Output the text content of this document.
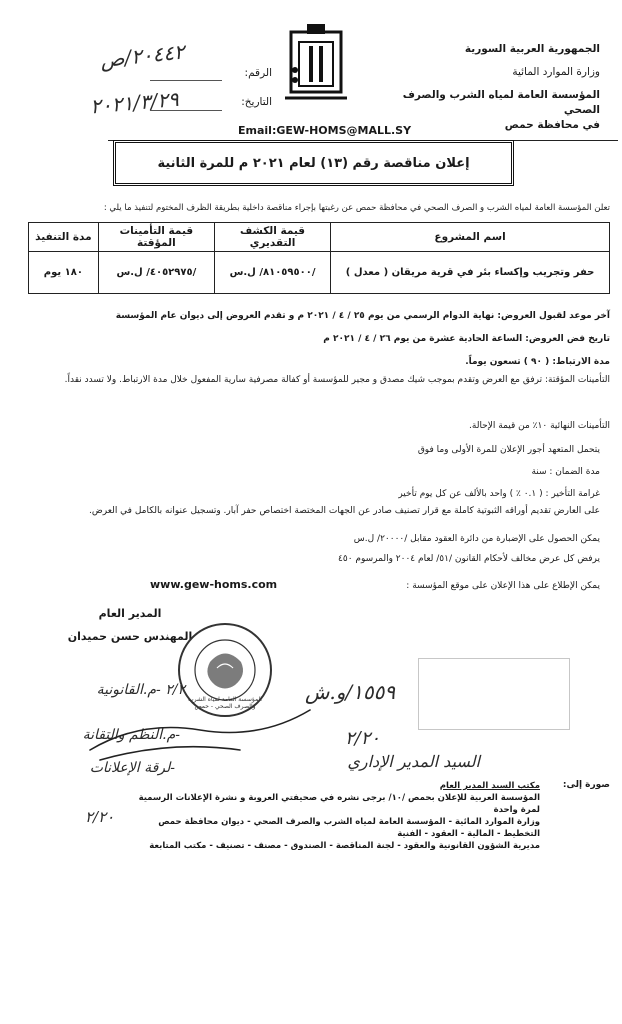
٢٠٤٤٢/ص
٢٠٢١/٣/٢٩
الرقم:
التاريخ:
الجمهورية العربية السورية
وزارة الموارد المائية
المؤسسة العامة لمياه الشرب والصرف الصحي
في محافظة حمص
Email:GEW-HOMS@MALL.SY
إعلان مناقصة رقم (١٣) لعام ٢٠٢١ م للمرة الثانية
تعلن المؤسسة العامة لمياه الشرب و الصرف الصحي في محافظة حمص عن رغبتها بإجراء مناقصة داخلية بطريقة الظرف المختوم لتنفيذ ما يلي :
اسم المشروع	قيمة الكشف التقديري	قيمة التأمينات المؤقتة	مدة التنفيذ
حفر وتجريب وإكساء بئر في قرية مريقان ( معدل )	/٨١٠٥٩٥٠٠/ ل.س	/٤٠٥٢٩٧٥/ ل.س	١٨٠ يوم
آخر موعد لقبول العروض: نهاية الدوام الرسمي من يوم ٢٥ / ٤ / ٢٠٢١ م و تقدم العروض إلى ديوان عام المؤسسة
تاريخ فض العروض: الساعة الحادية عشرة من يوم ٢٦ / ٤ / ٢٠٢١ م
مدة الارتباط: ( ٩٠ ) تسعون يوماً.
التأمينات المؤقتة: ترفق مع العرض وتقدم بموجب شيك مصدق و مجير للمؤسسة أو كفالة مصرفية سارية المفعول خلال مدة الارتباط. ولا تسدد نقداً.
التأمينات النهائية ١٠٪ من قيمة الإحالة.
يتحمل المتعهد أجور الإعلان للمرة الأولى وما فوق
مدة الضمان : سنة
غرامة التأخير : ( ٠.١ ٪ ) واحد بالألف عن كل يوم تأخير
على العارض تقديم أوراقه الثبوتية كاملة مع قرار تصنيف صادر عن الجهات المختصة اختصاص حفر آبار. وتسجيل عنوانه بالكامل في العرض.
يمكن الحصول على الإضبارة من دائرة العقود مقابل /٢٠٠٠٠/ ل.س
يرفض كل عرض مخالف لأحكام القانون /٥١/ لعام ٢٠٠٤ والمرسوم ٤٥٠
يمكن الإطلاع على هذا الإعلان على موقع المؤسسة :
www.gew-homs.com
المدير العام
المهندس حسن حميدان
المؤسسة العامة لمياه الشرب والصرف الصحي - حمص
٢/٢ -م.القانونية
-م.النظم والتقانة
-لرقة الإعلانات
٢/٢٠
١٥٥٩/و.ش
٢/٢٠
السيد المدير الإداري
صورة إلى:
مكتب السيد المدير العام
المؤسسة العربية للإعلان بحمص /١٠/ برجى نشره في صحيفتي العروبة و نشرة الإعلانات الرسمية لمرة واحدة
وزارة الموارد المائية - المؤسسة العامة لمياه الشرب والصرف الصحي - ديوان محافظة حمص التخطيط - المالية - العقود - الفنية
مديرية الشؤون القانونية والعقود - لجنة المناقصة - الصندوق - مصنف - تصنيف - مكتب المتابعة
